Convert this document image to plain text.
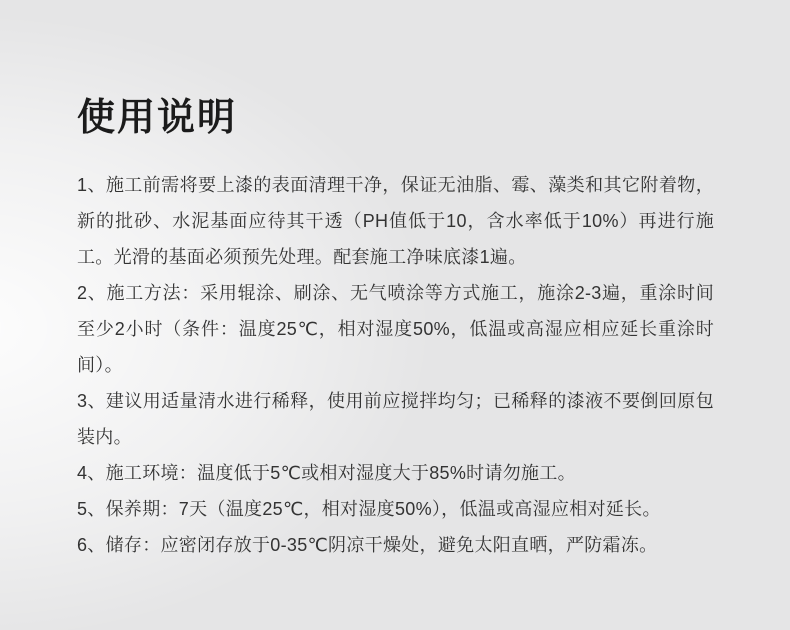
使用说明

1、施工前需将要上漆的表面清理干净，保证无油脂、霉、藻类和其它附着物，新的批砂、水泥基面应待其干透（PH值低于10，含水率低于10%）再进行施工。光滑的基面必须预先处理。配套施工净味底漆1遍。

2、施工方法：采用辊涂、刷涂、无气喷涂等方式施工，施涂2-3遍，重涂时间至少2小时（条件：温度25℃，相对湿度50%，低温或高湿应相应延长重涂时间）。

3、建议用适量清水进行稀释，使用前应搅拌均匀；已稀释的漆液不要倒回原包装内。

4、施工环境：温度低于5℃或相对湿度大于85%时请勿施工。

5、保养期：7天（温度25℃，相对湿度50%），低温或高湿应相对延长。

6、储存：应密闭存放于0-35℃阴凉干燥处，避免太阳直晒，严防霜冻。
